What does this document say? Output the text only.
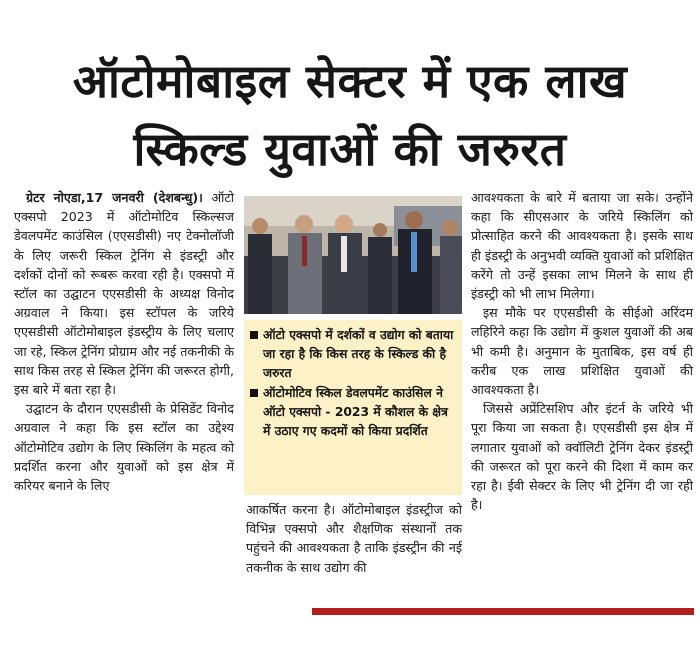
ऑटोमोबाइल सेक्टर में एक लाख
स्किल्ड युवाओं की जरुरत

ग्रेटर नोएडा,17 जनवरी (देशबन्धु)। ऑटो एक्सपो 2023 में ऑटोमोटिव स्किल्सज डेवलपमेंट काउंसिल (एएसडीसी) नए टेक्नोलॉजी के लिए जरूरी स्किल ट्रेनिंग से इंडस्ट्री और दर्शकों दोनों को रूबरू करवा रही है। एक्सपो में स्टॉल का उद्घाटन एएसडीसी के अध्यक्ष विनोद अग्रवाल ने किया। इस स्टॉपल के जरिये एएसडीसी ऑटोमोबाइल इंडस्ट्रीय के लिए चलाए जा रहे, स्किल ट्रेनिंग प्रोग्राम और नई तकनीकी के साथ किस तरह से स्किल ट्रेनिंग की जरूरत होगी, इस बारे में बता रहा है।

उद्घाटन के दौरान एएसडीसी के प्रेसिडेंट विनोद अग्रवाल ने कहा कि इस स्टॉल का उद्देश्य ऑटोमोटिव उद्योग के लिए स्किलिंग के महत्व को प्रदर्शित करना और युवाओं को इस क्षेत्र में करियर बनाने के लिए

ऑटो एक्सपो में दर्शकों व उद्योग को बताया जा रहा है कि किस तरह के स्किल्ड की है जरुरत
ऑटोमोटिव स्किल डेवलपमेंट काउंसिल ने ऑटो एक्सपो - 2023 में कौशल के क्षेत्र में उठाए गए कदमों को किया प्रदर्शित

आकर्षित करना है। ऑटोमोबाइल इंडस्ट्रीज को विभिन्न एक्सपो और शैक्षणिक संस्थानों तक पहुंचने की आवश्यकता है ताकि इंडस्ट्रीन की नई तकनीक के साथ उद्योग की

आवश्यकता के बारे में बताया जा सके। उन्होंने कहा कि सीएसआर के जरिये स्किलिंग को प्रोत्साहित करने की आवश्यकता है। इसके साथ ही इंडस्ट्री के अनुभवी व्यक्ति युवाओं को प्रशिक्षित करेंगे तो उन्हें इसका लाभ मिलने के साथ ही इंडस्ट्री को भी लाभ मिलेगा।

इस मौके पर एएसडीसी के सीईओ अरिंदम लहिरिने कहा कि उद्योग में कुशल युवाओं की अब भी कमी है। अनुमान के मुताबिक, इस वर्ष ही करीब एक लाख प्रशिक्षित युवाओं की आवश्यकता है।

जिससे अप्रेंटिसशिप और इंटर्न के जरिये भी पूरा किया जा सकता है। एएसडीसी इस क्षेत्र में लगातार युवाओं को क्वॉलिटी ट्रेनिंग देकर इंडस्ट्री की जरूरत को पूरा करने की दिशा में काम कर रहा है। ईवी सेक्टर के लिए भी ट्रेनिंग दी जा रही है।
